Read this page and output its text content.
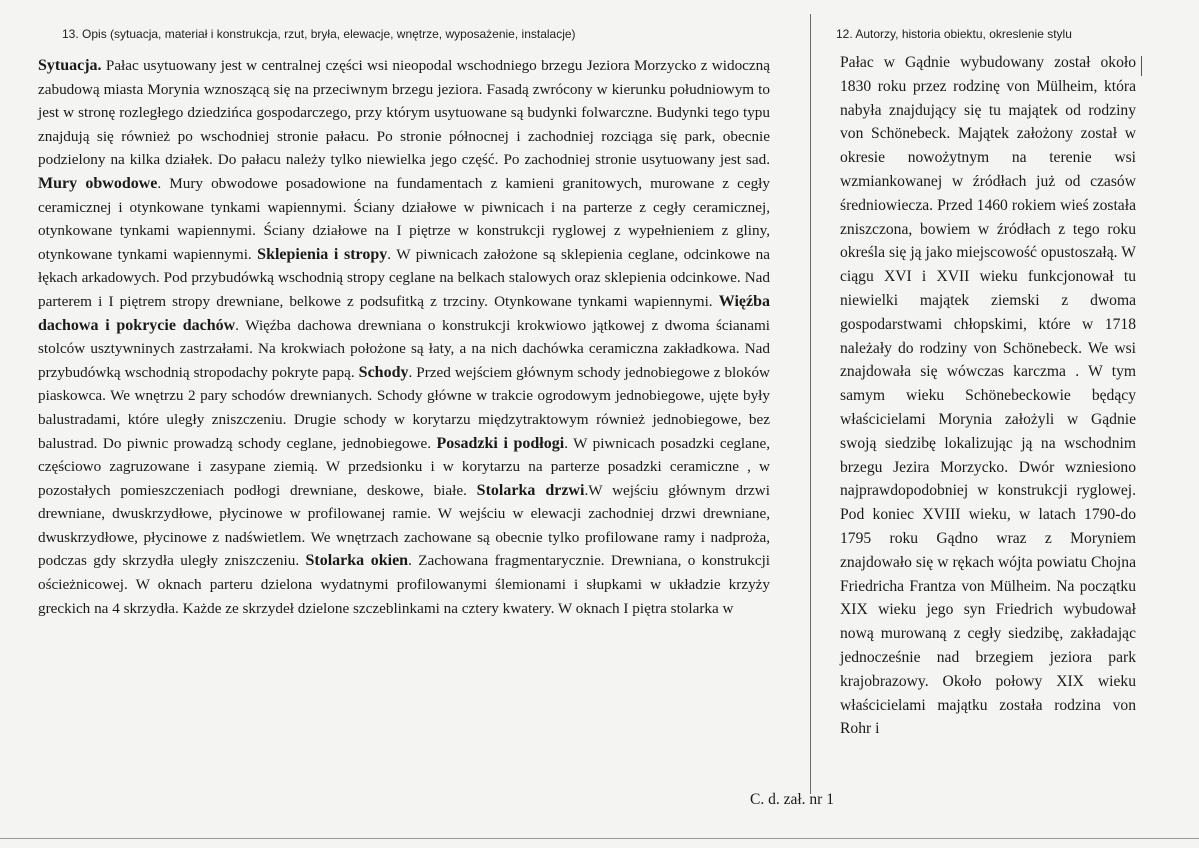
13. Opis (sytuacja, materiał i konstrukcja, rzut, bryła, elewacje, wnętrze, wyposażenie, instalacje)

Sytuacja. Pałac usytuowany jest w centralnej części wsi nieopodal wschodniego brzegu Jeziora Morzycko z widoczną zabudową miasta Morynia wznoszącą się na przeciwnym brzegu jeziora. Fasadą zwrócony w kierunku południowym to jest w stronę rozległego dziedzińca gospodarczego, przy którym usytuowane są budynki folwarczne. Budynki tego typu znajdują się również po wschodniej stronie pałacu. Po stronie północnej i zachodniej rozciąga się park, obecnie podzielony na kilka działek. Do pałacu należy tylko niewielka jego część. Po zachodniej stronie usytuowany jest sad. Mury obwodowe. Mury obwodowe posadowione na fundamentach z kamieni granitowych, murowane z cegły ceramicznej i otynkowane tynkami wapiennymi. Ściany działowe w piwnicach i na parterze z cegły ceramicznej, otynkowane tynkami wapiennymi. Ściany działowe na I piętrze w konstrukcji ryglowej z wypełnieniem z gliny, otynkowane tynkami wapiennymi. Sklepienia i stropy. W piwnicach założone są sklepienia ceglane, odcinkowe na łękach arkadowych. Pod przybudówką wschodnią stropy ceglane na belkach stalowych oraz sklepienia odcinkowe. Nad parterem i I piętrem stropy drewniane, belkowe z podsufitką z trzciny. Otynkowane tynkami wapiennymi. Więźba dachowa i pokrycie dachów. Więźba dachowa drewniana o konstrukcji krokwiowo jątkowej z dwoma ścianami stolców usztywninych zastrzałami. Na krokwiach położone są łaty, a na nich dachówka ceramiczna zakładkowa. Nad przybudówką wschodnią stropodachy pokryte papą. Schody. Przed wejściem głównym schody jednobiegowe z bloków piaskowca. We wnętrzu 2 pary schodów drewnianych. Schody główne w trakcie ogrodowym jednobiegowe, ujęte były balustradami, które uległy zniszczeniu. Drugie schody w korytarzu międzytraktowym również jednobiegowe, bez balustrad. Do piwnic prowadzą schody ceglane, jednobiegowe. Posadzki i podłogi. W piwnicach posadzki ceglane, częściowo zagruzowane i zasypane ziemią. W przedsionku i w korytarzu na parterze posadzki ceramiczne , w pozostałych pomieszczeniach podłogi drewniane, deskowe, białe. Stolarka drzwi.W wejściu głównym drzwi drewniane, dwuskrzydłowe, płycinowe w profilowanej ramie. W wejściu w elewacji zachodniej drzwi drewniane, dwuskrzydłowe, płycinowe z nadświetlem. We wnętrzach zachowane są obecnie tylko profilowane ramy i nadproża, podczas gdy skrzydła uległy zniszczeniu. Stolarka okien. Zachowana fragmentarycznie. Drewniana, o konstrukcji ościeżnicowej. W oknach parteru dzielona wydatnymi profilowanymi ślemionami i słupkami w układzie krzyży greckich na 4 skrzydła. Każde ze skrzydeł dzielone szczeblinkami na cztery kwatery. W oknach I piętra stolarka w

12. Autorzy, historia obiektu, okreslenie stylu

Pałac w Gądnie wybudowany został około 1830 roku przez rodzinę von Mülheim, która nabyła znajdujący się tu majątek od rodziny von Schönebeck. Majątek założony został w okresie nowożytnym na terenie wsi wzmiankowanej w źródłach już od czasów średniowiecza. Przed 1460 rokiem wieś została zniszczona, bowiem w źródłach z tego roku określa się ją jako miejscowość opustoszałą. W ciągu XVI i XVII wieku funkcjonował tu niewielki majątek ziemski z dwoma gospodarstwami chłopskimi, które w 1718 należały do rodziny von Schönebeck. We wsi znajdowała się wówczas karczma . W tym samym wieku Schönebeckowie będący właścicielami Morynia założyli w Gądnie swoją siedzibę lokalizując ją na wschodnim brzegu Jezira Morzycko. Dwór wzniesiono najprawdopodobniej w konstrukcji ryglowej. Pod koniec XVIII wieku, w latach 1790-do 1795 roku Gądno wraz z Moryniem znajdowało się w rękach wójta powiatu Chojna Friedricha Frantza von Mülheim. Na początku XIX wieku jego syn Friedrich wybudował nową murowaną z cegły siedzibę, zakładając jednocześnie nad brzegiem jeziora park krajobrazowy. Około połowy XIX wieku właścicielami majątku została rodzina von Rohr i

C. d. zał. nr 1
